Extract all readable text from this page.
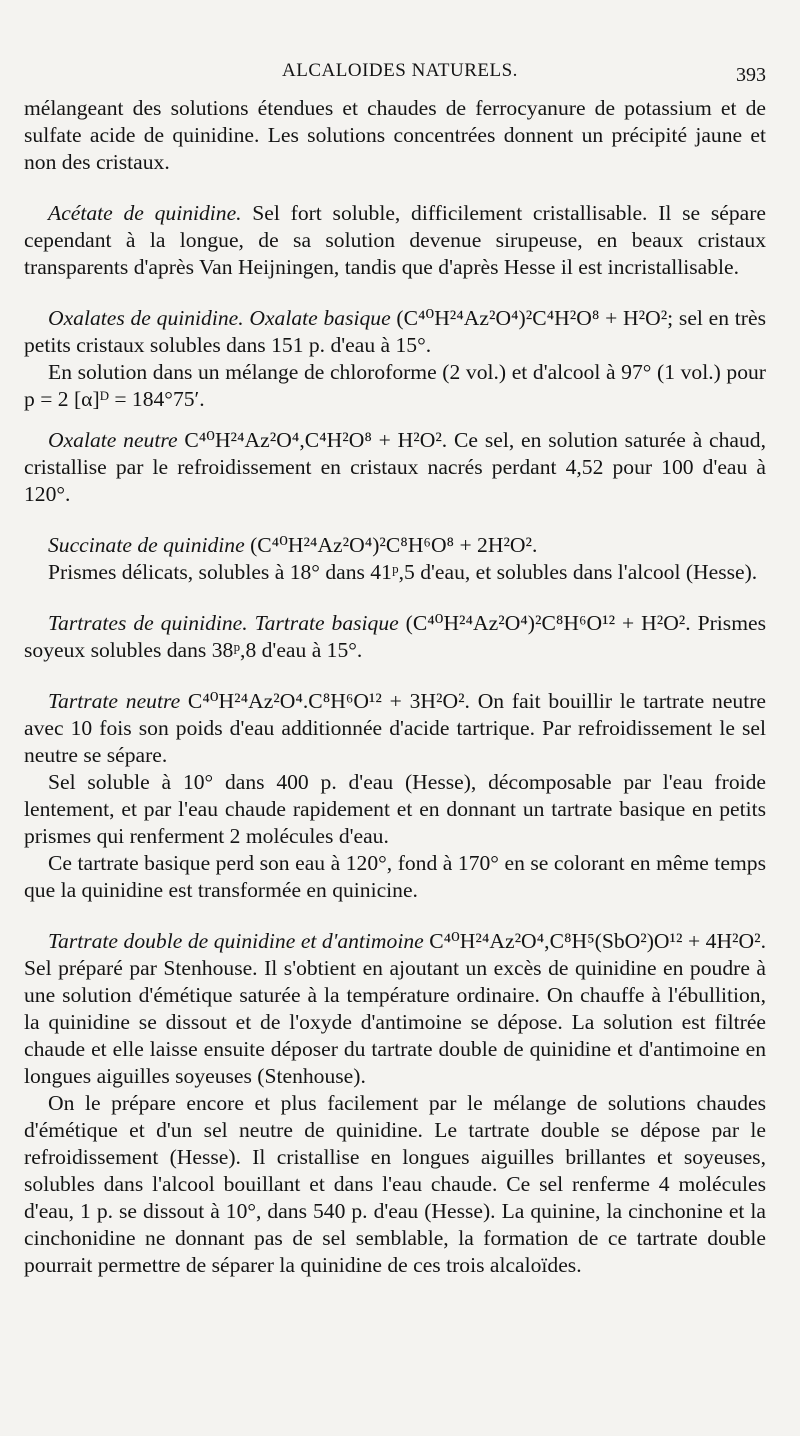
ALCALOIDES NATURELS.	393

mélangeant des solutions étendues et chaudes de ferrocyanure de potassium et de sulfate acide de quinidine. Les solutions concentrées donnent un précipité jaune et non des cristaux.

Acétate de quinidine. Sel fort soluble, difficilement cristallisable. Il se sépare cependant à la longue, de sa solution devenue sirupeuse, en beaux cristaux transparents d'après Van Heijningen, tandis que d'après Hesse il est incristallisable.

Oxalates de quinidine. Oxalate basique (C⁴⁰H²⁴Az²O⁴)²C⁴H²O⁸ + H²O²; sel en très petits cristaux solubles dans 151 p. d'eau à 15°.

En solution dans un mélange de chloroforme (2 vol.) et d'alcool à 97° (1 vol.) pour p = 2 [α]ᴰ = 184°75′.

Oxalate neutre C⁴⁰H²⁴Az²O⁴,C⁴H²O⁸ + H²O². Ce sel, en solution saturée à chaud, cristallise par le refroidissement en cristaux nacrés perdant 4,52 pour 100 d'eau à 120°.

Succinate de quinidine (C⁴⁰H²⁴Az²O⁴)²C⁸H⁶O⁸ + 2H²O².

Prismes délicats, solubles à 18° dans 41ᵖ,5 d'eau, et solubles dans l'alcool (Hesse).

Tartrates de quinidine. Tartrate basique (C⁴⁰H²⁴Az²O⁴)²C⁸H⁶O¹² + H²O². Prismes soyeux solubles dans 38ᵖ,8 d'eau à 15°.

Tartrate neutre C⁴⁰H²⁴Az²O⁴.C⁸H⁶O¹² + 3H²O². On fait bouillir le tartrate neutre avec 10 fois son poids d'eau additionnée d'acide tartrique. Par refroidissement le sel neutre se sépare.

Sel soluble à 10° dans 400 p. d'eau (Hesse), décomposable par l'eau froide lentement, et par l'eau chaude rapidement et en donnant un tartrate basique en petits prismes qui renferment 2 molécules d'eau.

Ce tartrate basique perd son eau à 120°, fond à 170° en se colorant en même temps que la quinidine est transformée en quinicine.

Tartrate double de quinidine et d'antimoine C⁴⁰H²⁴Az²O⁴,C⁸H⁵(SbO²)O¹² + 4H²O². Sel préparé par Stenhouse. Il s'obtient en ajoutant un excès de quinidine en poudre à une solution d'émétique saturée à la température ordinaire. On chauffe à l'ébullition, la quinidine se dissout et de l'oxyde d'antimoine se dépose. La solution est filtrée chaude et elle laisse ensuite déposer du tartrate double de quinidine et d'antimoine en longues aiguilles soyeuses (Stenhouse).

On le prépare encore et plus facilement par le mélange de solutions chaudes d'émétique et d'un sel neutre de quinidine. Le tartrate double se dépose par le refroidissement (Hesse). Il cristallise en longues aiguilles brillantes et soyeuses, solubles dans l'alcool bouillant et dans l'eau chaude. Ce sel renferme 4 molécules d'eau, 1 p. se dissout à 10°, dans 540 p. d'eau (Hesse). La quinine, la cinchonine et la cinchonidine ne donnant pas de sel semblable, la formation de ce tartrate double pourrait permettre de séparer la quinidine de ces trois alcaloïdes.
